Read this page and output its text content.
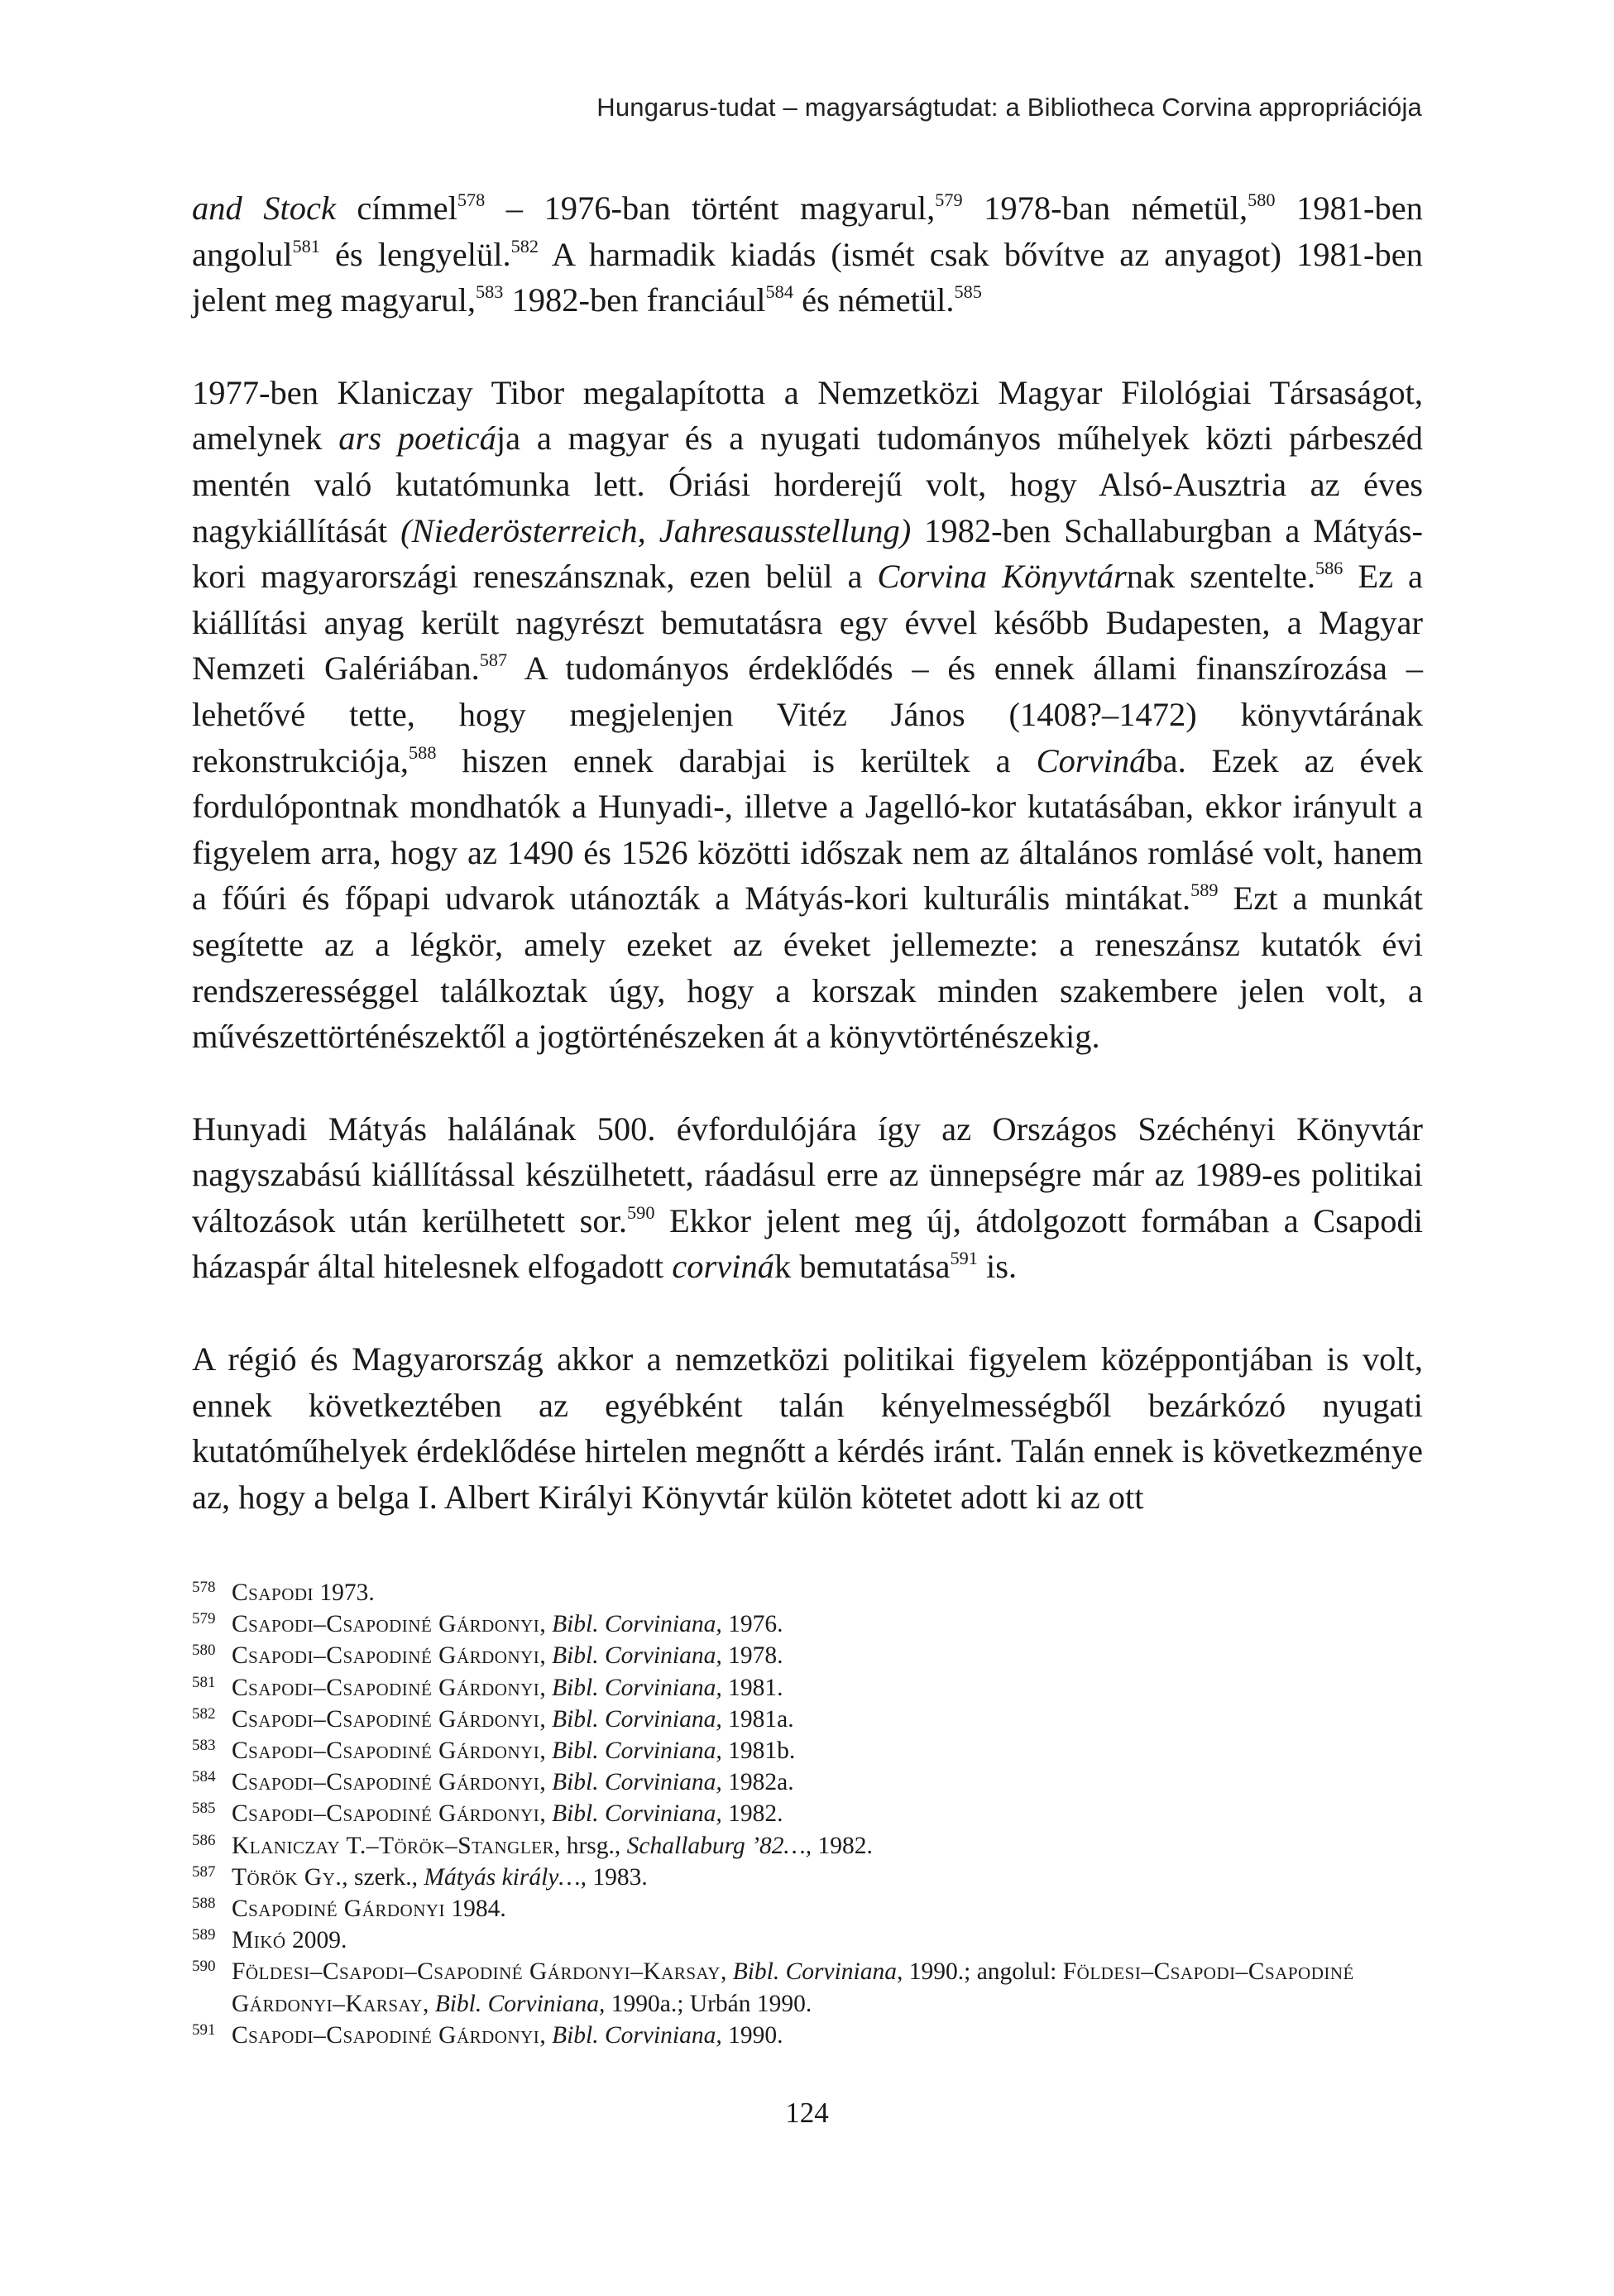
Hungarus-tudat – magyarságtudat: a Bibliotheca Corvina appropriációja

and Stock címmel$^{578}$ – 1976-ban történt magyarul,$^{579}$ 1978-ban németül,$^{580}$ 1981-ben angolul$^{581}$ és lengyelül.$^{582}$ A harmadik kiadás (ismét csak bővítve az anyagot) 1981-ben jelent meg magyarul,$^{583}$ 1982-ben franciául$^{584}$ és németül.$^{585}$

1977-ben Klaniczay Tibor megalapította a Nemzetközi Magyar Filológiai Társaságot, amelynek ars poeticája a magyar és a nyugati tudományos műhelyek közti párbeszéd mentén való kutatómunka lett. Óriási horderejű volt, hogy Alsó-Ausztria az éves nagykiállítását (Niederösterreich, Jahresausstellung) 1982-ben Schallaburgban a Mátyás-kori magyarországi reneszánsznak, ezen belül a Corvina Könyvtárnak szentelte.$^{586}$ Ez a kiállítási anyag került nagyrészt bemutatásra egy évvel később Budapesten, a Magyar Nemzeti Galériában.$^{587}$ A tudományos érdeklődés – és ennek állami finanszírozása – lehetővé tette, hogy megjelenjen Vitéz János (1408?–1472) könyvtárának rekonstrukciója,$^{588}$ hiszen ennek darabjai is kerültek a Corvinába. Ezek az évek fordulópontnak mondhatók a Hunyadi-, illetve a Jagelló-kor kutatásában, ekkor irányult a figyelem arra, hogy az 1490 és 1526 közötti időszak nem az általános romlásé volt, hanem a főúri és főpapi udvarok utánozták a Mátyás-kori kulturális mintákat.$^{589}$ Ezt a munkát segítette az a légkör, amely ezeket az éveket jellemezte: a reneszánsz kutatók évi rendszerességgel találkoztak úgy, hogy a korszak minden szakembere jelen volt, a művészettörténészektől a jogtörténészeken át a könyvtörténészekig.

Hunyadi Mátyás halálának 500. évfordulójára így az Országos Széchényi Könyvtár nagyszabású kiállítással készülhetett, ráadásul erre az ünnepségre már az 1989-es politikai változások után kerülhetett sor.$^{590}$ Ekkor jelent meg új, átdolgozott formában a Csapodi házaspár által hitelesnek elfogadott corvinák bemutatása$^{591}$ is.

A régió és Magyarország akkor a nemzetközi politikai figyelem középpontjában is volt, ennek következtében az egyébként talán kényelmességből bezárkózó nyugati kutatóműhelyek érdeklődése hirtelen megnőtt a kérdés iránt. Talán ennek is következménye az, hogy a belga I. Albert Királyi Könyvtár külön kötetet adott ki az ott

578 Csapodi 1973.
579 Csapodi–Csapodiné Gárdonyi, Bibl. Corviniana, 1976.
580 Csapodi–Csapodiné Gárdonyi, Bibl. Corviniana, 1978.
581 Csapodi–Csapodiné Gárdonyi, Bibl. Corviniana, 1981.
582 Csapodi–Csapodiné Gárdonyi, Bibl. Corviniana, 1981a.
583 Csapodi–Csapodiné Gárdonyi, Bibl. Corviniana, 1981b.
584 Csapodi–Csapodiné Gárdonyi, Bibl. Corviniana, 1982a.
585 Csapodi–Csapodiné Gárdonyi, Bibl. Corviniana, 1982.
586 Klaniczay T.–Török–Stangler, hrsg., Schallaburg ’82…, 1982.
587 Török Gy., szerk., Mátyás király…, 1983.
588 Csapodiné Gárdonyi 1984.
589 Mikó 2009.
590 Földesi–Csapodi–Csapodiné Gárdonyi–Karsay, Bibl. Corviniana, 1990.; angolul: Földesi–Csapodi–Csapodiné Gárdonyi–Karsay, Bibl. Corviniana, 1990a.; Urbán 1990.
591 Csapodi–Csapodiné Gárdonyi, Bibl. Corviniana, 1990.
124
